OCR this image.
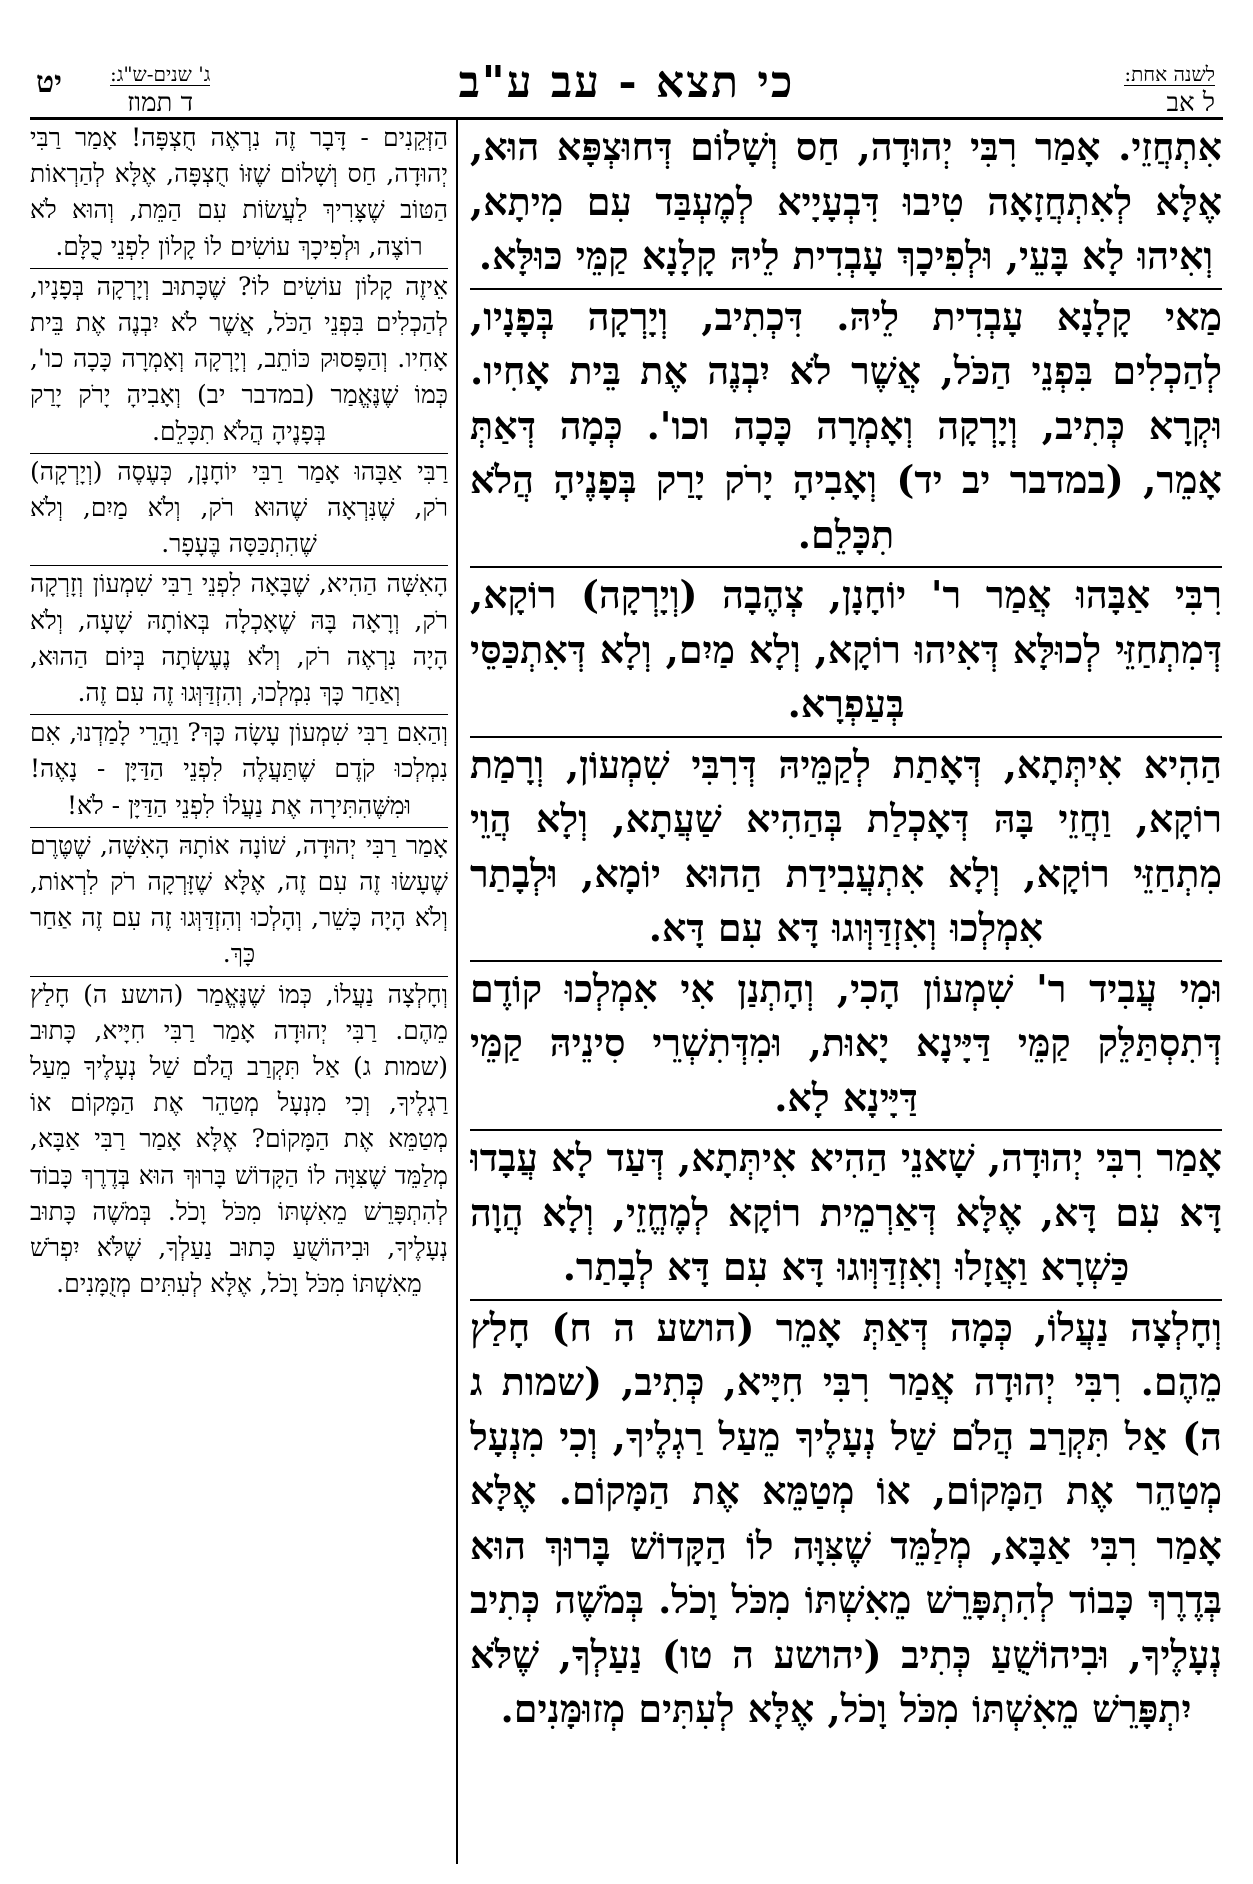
לשנה אחת:
ל אב
כי תצא - עב ע"ב
ג' שנים-ש"ג:
ד תמוז
יט

אִתְחֲזֵי. אָמַר רִבִּי יְהוּדָה, חַס וְשָׁלוֹם דְּחוּצְפָּא הוּא, אֶלָּא לְאִתְחֲזָאָה טִיבוּ דִּבְעָיָיא לְמֶעְבַּד עִם מִיתָא, וְאִיהוּ לָא בָּעֵי, וּלְפִיכָךְ עָבְדִית לֵיהּ קָלָנָא קַמֵּי כּוּלָּא.

מַאי קָלָנָא עָבְדִית לֵיהּ. דִּכְתִיב, וְיָרְקָה בְּפָנָיו, לְהַכְלִים בִּפְנֵי הַכֹּל, אֲשֶׁר לֹא יִבְנֶה אֶת בֵּית אָחִיו. וּקְרָא כְּתִיב, וְיָרְקָה וְאָמְרָה כָּכָה וכו'. כְּמָה דְּאַתְּ אָמֵר, (במדבר יב יד) וְאָבִיהָ יָרֹק יָרַק בְּפָנֶיהָ הֲלֹא תִכָּלֵם.

רִבִּי אַבָּהוּ אֲמַר ר' יוֹחָנָן, צְהֶבָה (וְיָרְקָה) רוֹקָא, דְּמִתְחַזֵּי לְכוּלָּא דְּאִיהוּ רוֹקָא, וְלָא מַיִם, וְלָא דְּאִתְכַּסֵּי בְּעַפְרָא.

הַהִיא אִיתְּתָא, דְּאָתַת לְקַמֵּיהּ דְּרִבִּי שִׁמְעוֹן, וְרָמַת רוֹקָא, וַחֲזֵי בָּהּ דְּאָכְלַת בְּהַהִיא שַׁעֲתָא, וְלָא הֲוֵי מִתְחַזֵּי רוֹקָא, וְלָא אִתְעֲבִידַת הַהוּא יוֹמָא, וּלְבָתַר אִמְלְכוּ וְאִזְדַּוְּוגוּ דָּא עִם דָּא.

וּמִי עֲבִיד ר' שִׁמְעוֹן הָכִי, וְהָתְנַן אִי אִמְלְכוּ קוֹדֶם דְּתִסְתַּלֵּק קַמֵּי דַּיָּינָא יָאוּת, וּמִדְּתִשְׁרֵי סִינֵיהּ קַמֵּי דַּיָּינָא לָא.

אָמַר רִבִּי יְהוּדָה, שָׁאנֵי הַהִיא אִיתְּתָא, דְּעַד לָא עֲבָדוּ דָּא עִם דָּא, אֶלָּא דְּאַרְמֵית רוֹקָא לְמֶחֱזֵי, וְלָא הֲוָה כַּשְׁרָא וַאֲזָלוּ וְאִזְדַּוְּוגוּ דָּא עִם דָּא לְבָתַר.

וְחָלְצָה נַעֲלוֹ, כְּמָה דְּאַתְּ אָמֵר (הושע ה ח) חָלַץ מֵהֶם. רִבִּי יְהוּדָה אֲמַר רִבִּי חִיָּיא, כְּתִיב, (שמות ג ה) אַל תִּקְרַב הֲלֹם שַׁל נְעָלֶיךָ מֵעַל רַגְלֶיךָ, וְכִי מִנְעָל מְטַהֵר אֶת הַמָּקוֹם, אוֹ מְטַמֵּא אֶת הַמָּקוֹם. אֶלָּא אָמַר רִבִּי אַבָּא, מְלַמֵּד שֶׁצִּוָּה לוֹ הַקָּדוֹשׁ בָּרוּךְ הוּא בְּדֶרֶךְ כָּבוֹד לְהִתְפָּרֵשׁ מֵאִשְׁתּוֹ מִכֹּל וָכֹל. בְּמֹשֶׁה כְּתִיב נְעָלֶיךָ, וּבִיהוֹשֻׁעַ כְּתִיב (יהושע ה טו) נַעַלְךָ, שֶׁלֹּא יִתְפָּרֵשׁ מֵאִשְׁתּוֹ מִכֹּל וָכֹל, אֶלָּא לְעִתִּים מְזוּמָּנִים.

הַזְּקֵנִים - דָּבָר זֶה נִרְאֶה חֻצְפָּה! אָמַר רַבִּי יְהוּדָה, חַס וְשָׁלוֹם שֶׁזּוֹ חֻצְפָּה, אֶלָּא לְהַרְאוֹת הַטּוֹב שֶׁצָּרִיךְ לַעֲשׂוֹת עִם הַמֵּת, וְהוּא לֹא רוֹצֶה, וּלְפִיכָךְ עוֹשִׂים לוֹ קָלוֹן לִפְנֵי כֻלָּם.

אֵיזֶה קָלוֹן עוֹשִׂים לוֹ? שֶׁכָּתוּב וְיָרְקָה בְּפָנָיו, לְהַכְלִים בִּפְנֵי הַכֹּל, אֲשֶׁר לֹא יִבְנֶה אֶת בֵּית אָחִיו. וְהַפָּסוּק כּוֹתֵב, וְיָרְקָה וְאָמְרָה כָּכָה כו', כְּמוֹ שֶׁנֶּאֱמַר (במדבר יב) וְאָבִיהָ יָרֹק יָרַק בְּפָנֶיהָ הֲלֹא תִכָּלֵם.

רַבִּי אַבָּהוּ אָמַר רַבִּי יוֹחָנָן, כְּעֶסֶה (וְיָרְקָה) רֹק, שֶׁנִּרְאָה שֶׁהוּא רֹק, וְלֹא מַיִם, וְלֹא שֶׁהִתְכַּסָּה בֶּעָפָר.

הָאִשָּׁה הַהִיא, שֶׁבָּאָה לִפְנֵי רַבִּי שִׁמְעוֹן וְזָרְקָה רֹק, וְרָאָה בָּהּ שֶׁאָכְלָה בְּאוֹתָהּ שָׁעָה, וְלֹא הָיָה נִרְאֶה רֹק, וְלֹא נֶעֶשְׂתָה בְּיוֹם הַהוּא, וְאַחַר כָּךְ נִמְלְכוּ, וְהִזְדַּוְּגוּ זֶה עִם זֶה.

וְהַאִם רַבִּי שִׁמְעוֹן עָשָׂה כָּךְ? וַהֲרֵי לָמַדְנוּ, אִם נִמְלְכוּ קֹדֶם שֶׁתַּעֲלֶה לִפְנֵי הַדַּיָּן - נָאֶה! וּמִשֶּׁהִתִּירָה אֶת נַעֲלוֹ לִפְנֵי הַדַּיָּן - לֹא!

אָמַר רַבִּי יְהוּדָה, שׁוֹנָה אוֹתָהּ הָאִשָּׁה, שֶׁטֶּרֶם שֶׁעָשׂוּ זֶה עִם זֶה, אֶלָּא שֶׁזָּרְקָה רֹק לִרְאוֹת, וְלֹא הָיָה כָּשֵׁר, וְהָלְכוּ וְהִזְדַּוְּגוּ זֶה עִם זֶה אַחַר כָּךְ.

וְחָלְצָה נַעֲלוֹ, כְּמוֹ שֶׁנֶּאֱמַר (הושע ה) חָלַץ מֵהֶם. רַבִּי יְהוּדָה אָמַר רַבִּי חִיָּיא, כָּתוּב (שמות ג) אַל תִּקְרַב הֲלֹם שַׁל נְעָלֶיךָ מֵעַל רַגְלֶיךָ, וְכִי מִנְעָל מְטַהֵר אֶת הַמָּקוֹם אוֹ מְטַמֵּא אֶת הַמָּקוֹם? אֶלָּא אָמַר רַבִּי אַבָּא, מְלַמֵּד שֶׁצִּוָּה לוֹ הַקָּדוֹשׁ בָּרוּךְ הוּא בְּדֶרֶךְ כָּבוֹד לְהִתְפָּרֵשׁ מֵאִשְׁתּוֹ מִכֹּל וָכֹל. בְּמֹשֶׁה כָּתוּב נְעָלֶיךָ, וּבִיהוֹשֻׁעַ כָּתוּב נַעַלְךָ, שֶׁלֹּא יִפְרֹשׁ מֵאִשְׁתּוֹ מִכֹּל וָכֹל, אֶלָּא לְעִתִּים מְזֻמָּנִים.
